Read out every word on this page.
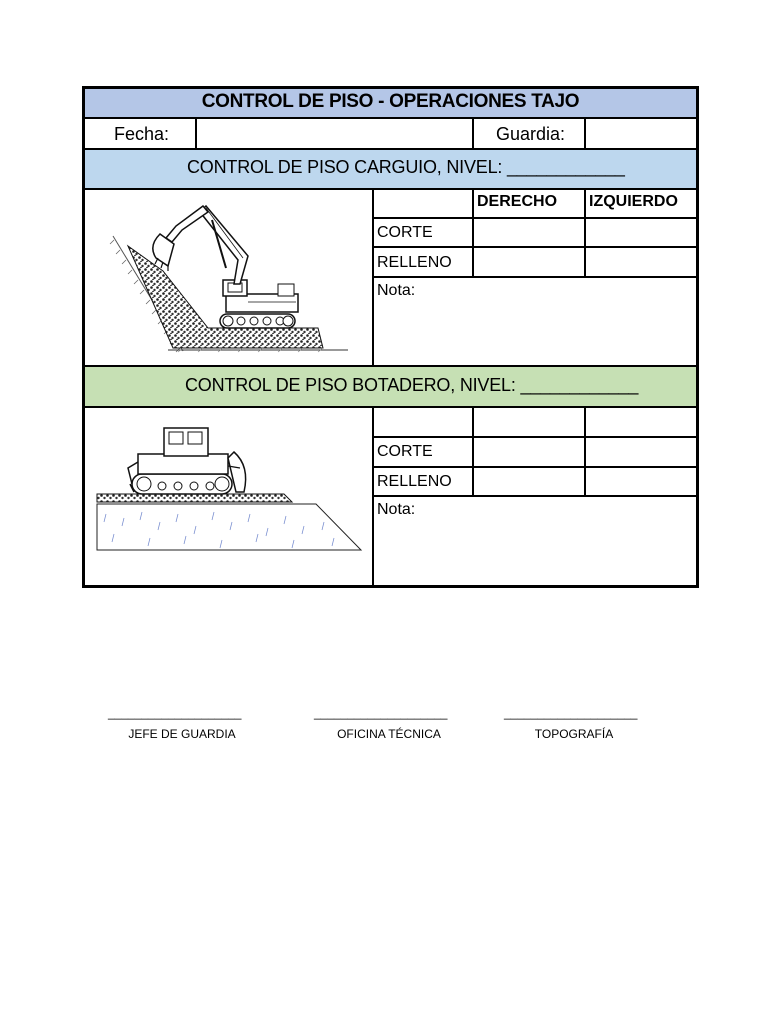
CONTROL DE PISO - OPERACIONES TAJO
Fecha:	Guardia:
CONTROL DE PISO CARGUIO, NIVEL: ____________
DERECHO IZQUIERDO
CORTE
RELLENO
Nota:
CONTROL DE PISO BOTADERO, NIVEL: ____________
CORTE
RELLENO
Nota:
____________________
JEFE DE GUARDIA
____________________
OFICINA TÉCNICA
____________________
TOPOGRAFÍA
